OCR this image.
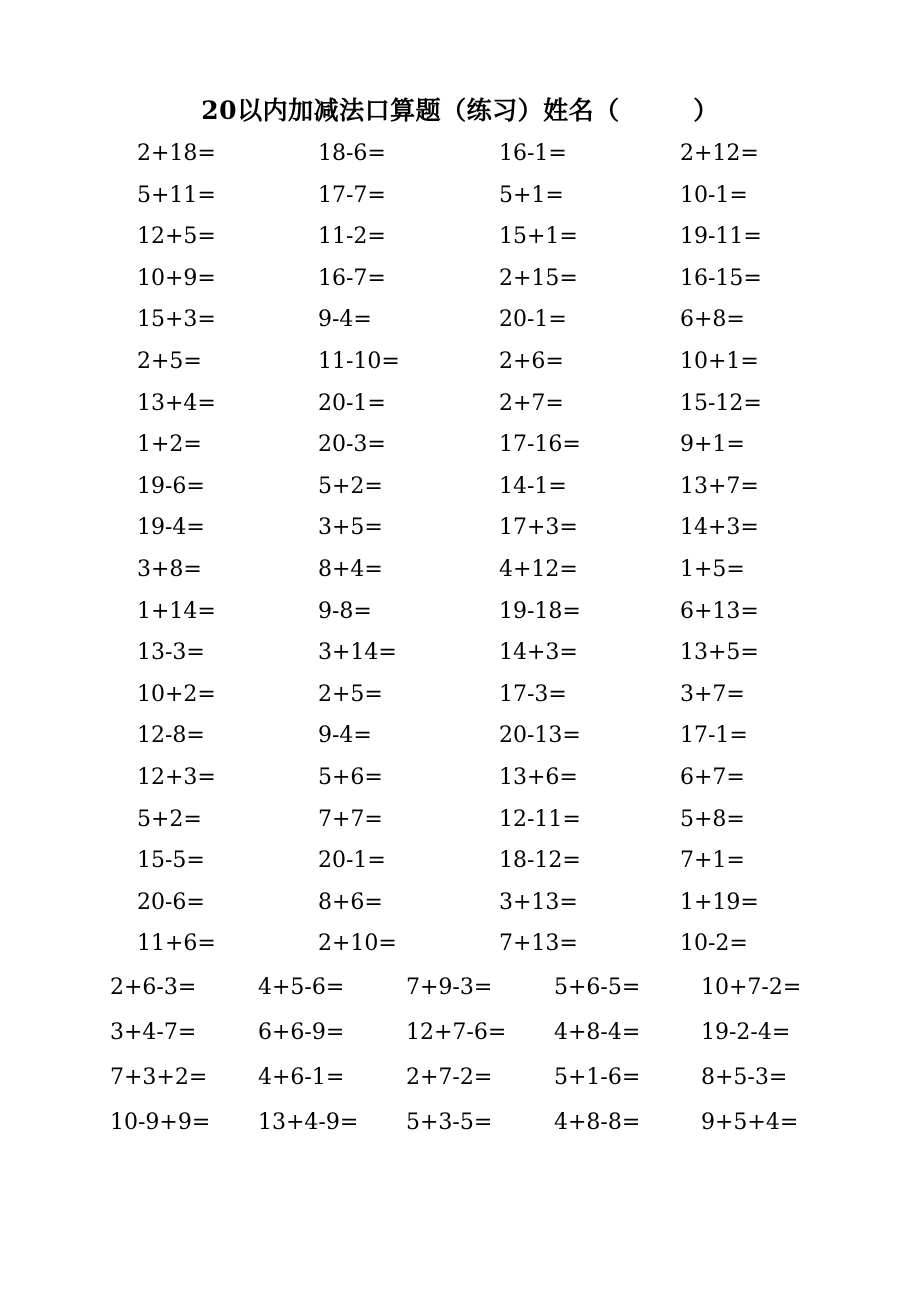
20以内加减法口算题（练习）姓名（        ）
2+18=	18-6=	16-1=	2+12=
5+11=	17-7=	5+1=	10-1=
12+5=	11-2=	15+1=	19-11=
10+9=	16-7=	2+15=	16-15=
15+3=	9-4=	20-1=	6+8=
2+5=	11-10=	2+6=	10+1=
13+4=	20-1=	2+7=	15-12=
1+2=	20-3=	17-16=	9+1=
19-6=	5+2=	14-1=	13+7=
19-4=	3+5=	17+3=	14+3=
3+8=	8+4=	4+12=	1+5=
1+14=	9-8=	19-18=	6+13=
13-3=	3+14=	14+3=	13+5=
10+2=	2+5=	17-3=	3+7=
12-8=	9-4=	20-13=	17-1=
12+3=	5+6=	13+6=	6+7=
5+2=	7+7=	12-11=	5+8=
15-5=	20-1=	18-12=	7+1=
20-6=	8+6=	3+13=	1+19=
11+6=	2+10=	7+13=	10-2=
2+6-3=	4+5-6=	7+9-3=	5+6-5=	10+7-2=
3+4-7=	6+6-9=	12+7-6=	4+8-4=	19-2-4=
7+3+2=	4+6-1=	2+7-2=	5+1-6=	8+5-3=
10-9+9=	13+4-9=	5+3-5=	4+8-8=	9+5+4=
